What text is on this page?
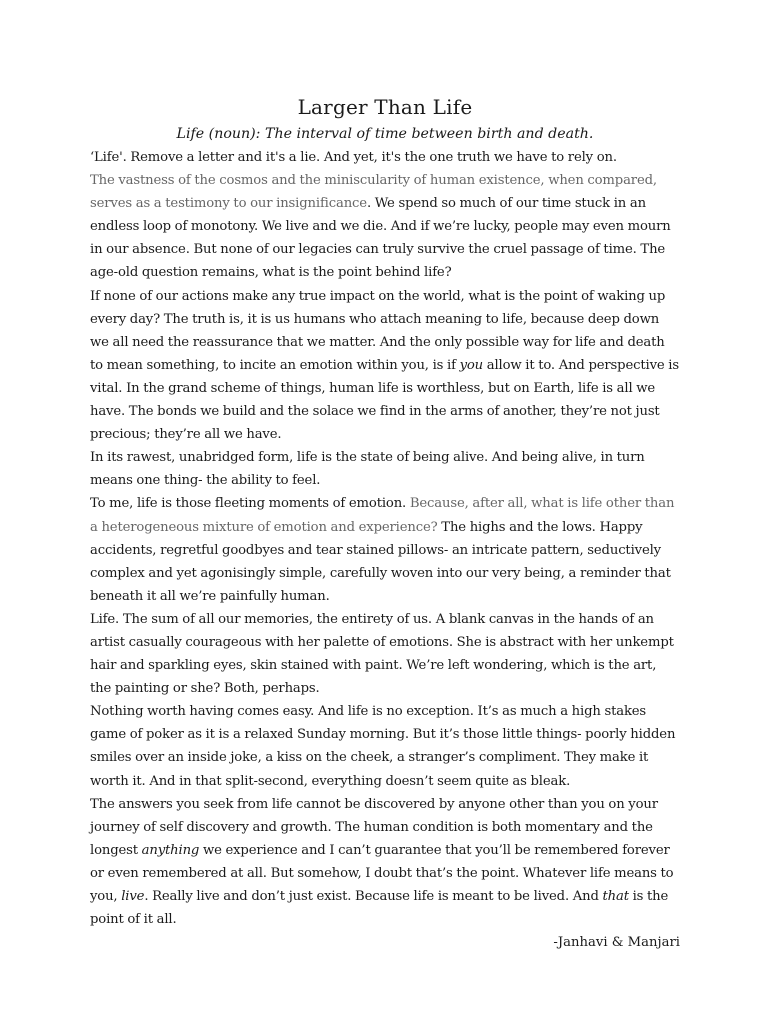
Larger Than Life

Life (noun): The interval of time between birth and death.

‘Life'. Remove a letter and it's a lie. And yet, it's the one truth we have to rely on.

The vastness of the cosmos and the miniscularity of human existence, when compared, serves as a testimony to our insignificance. We spend so much of our time stuck in an endless loop of monotony. We live and we die. And if we’re lucky, people may even mourn in our absence. But none of our legacies can truly survive the cruel passage of time. The age-old question remains, what is the point behind life?

If none of our actions make any true impact on the world, what is the point of waking up every day? The truth is, it is us humans who attach meaning to life, because deep down we all need the reassurance that we matter. And the only possible way for life and death to mean something, to incite an emotion within you, is if you allow it to. And perspective is vital. In the grand scheme of things, human life is worthless, but on Earth, life is all we have. The bonds we build and the solace we find in the arms of another, they’re not just precious; they’re all we have.

In its rawest, unabridged form, life is the state of being alive. And being alive, in turn means one thing- the ability to feel.

To me, life is those fleeting moments of emotion. Because, after all, what is life other than a heterogeneous mixture of emotion and experience? The highs and the lows. Happy accidents, regretful goodbyes and tear stained pillows- an intricate pattern, seductively complex and yet agonisingly simple, carefully woven into our very being, a reminder that beneath it all we’re painfully human.

Life. The sum of all our memories, the entirety of us. A blank canvas in the hands of an artist casually courageous with her palette of emotions. She is abstract with her unkempt hair and sparkling eyes, skin stained with paint. We’re left wondering, which is the art, the painting or she? Both, perhaps.

Nothing worth having comes easy. And life is no exception. It’s as much a high stakes game of poker as it is a relaxed Sunday morning. But it’s those little things- poorly hidden smiles over an inside joke, a kiss on the cheek, a stranger’s compliment. They make it worth it. And in that split-second, everything doesn’t seem quite as bleak.

The answers you seek from life cannot be discovered by anyone other than you on your journey of self discovery and growth. The human condition is both momentary and the longest anything we experience and I can’t guarantee that you’ll be remembered forever or even remembered at all. But somehow, I doubt that’s the point. Whatever life means to you, live. Really live and don’t just exist. Because life is meant to be lived. And that is the point of it all.

-Janhavi & Manjari
